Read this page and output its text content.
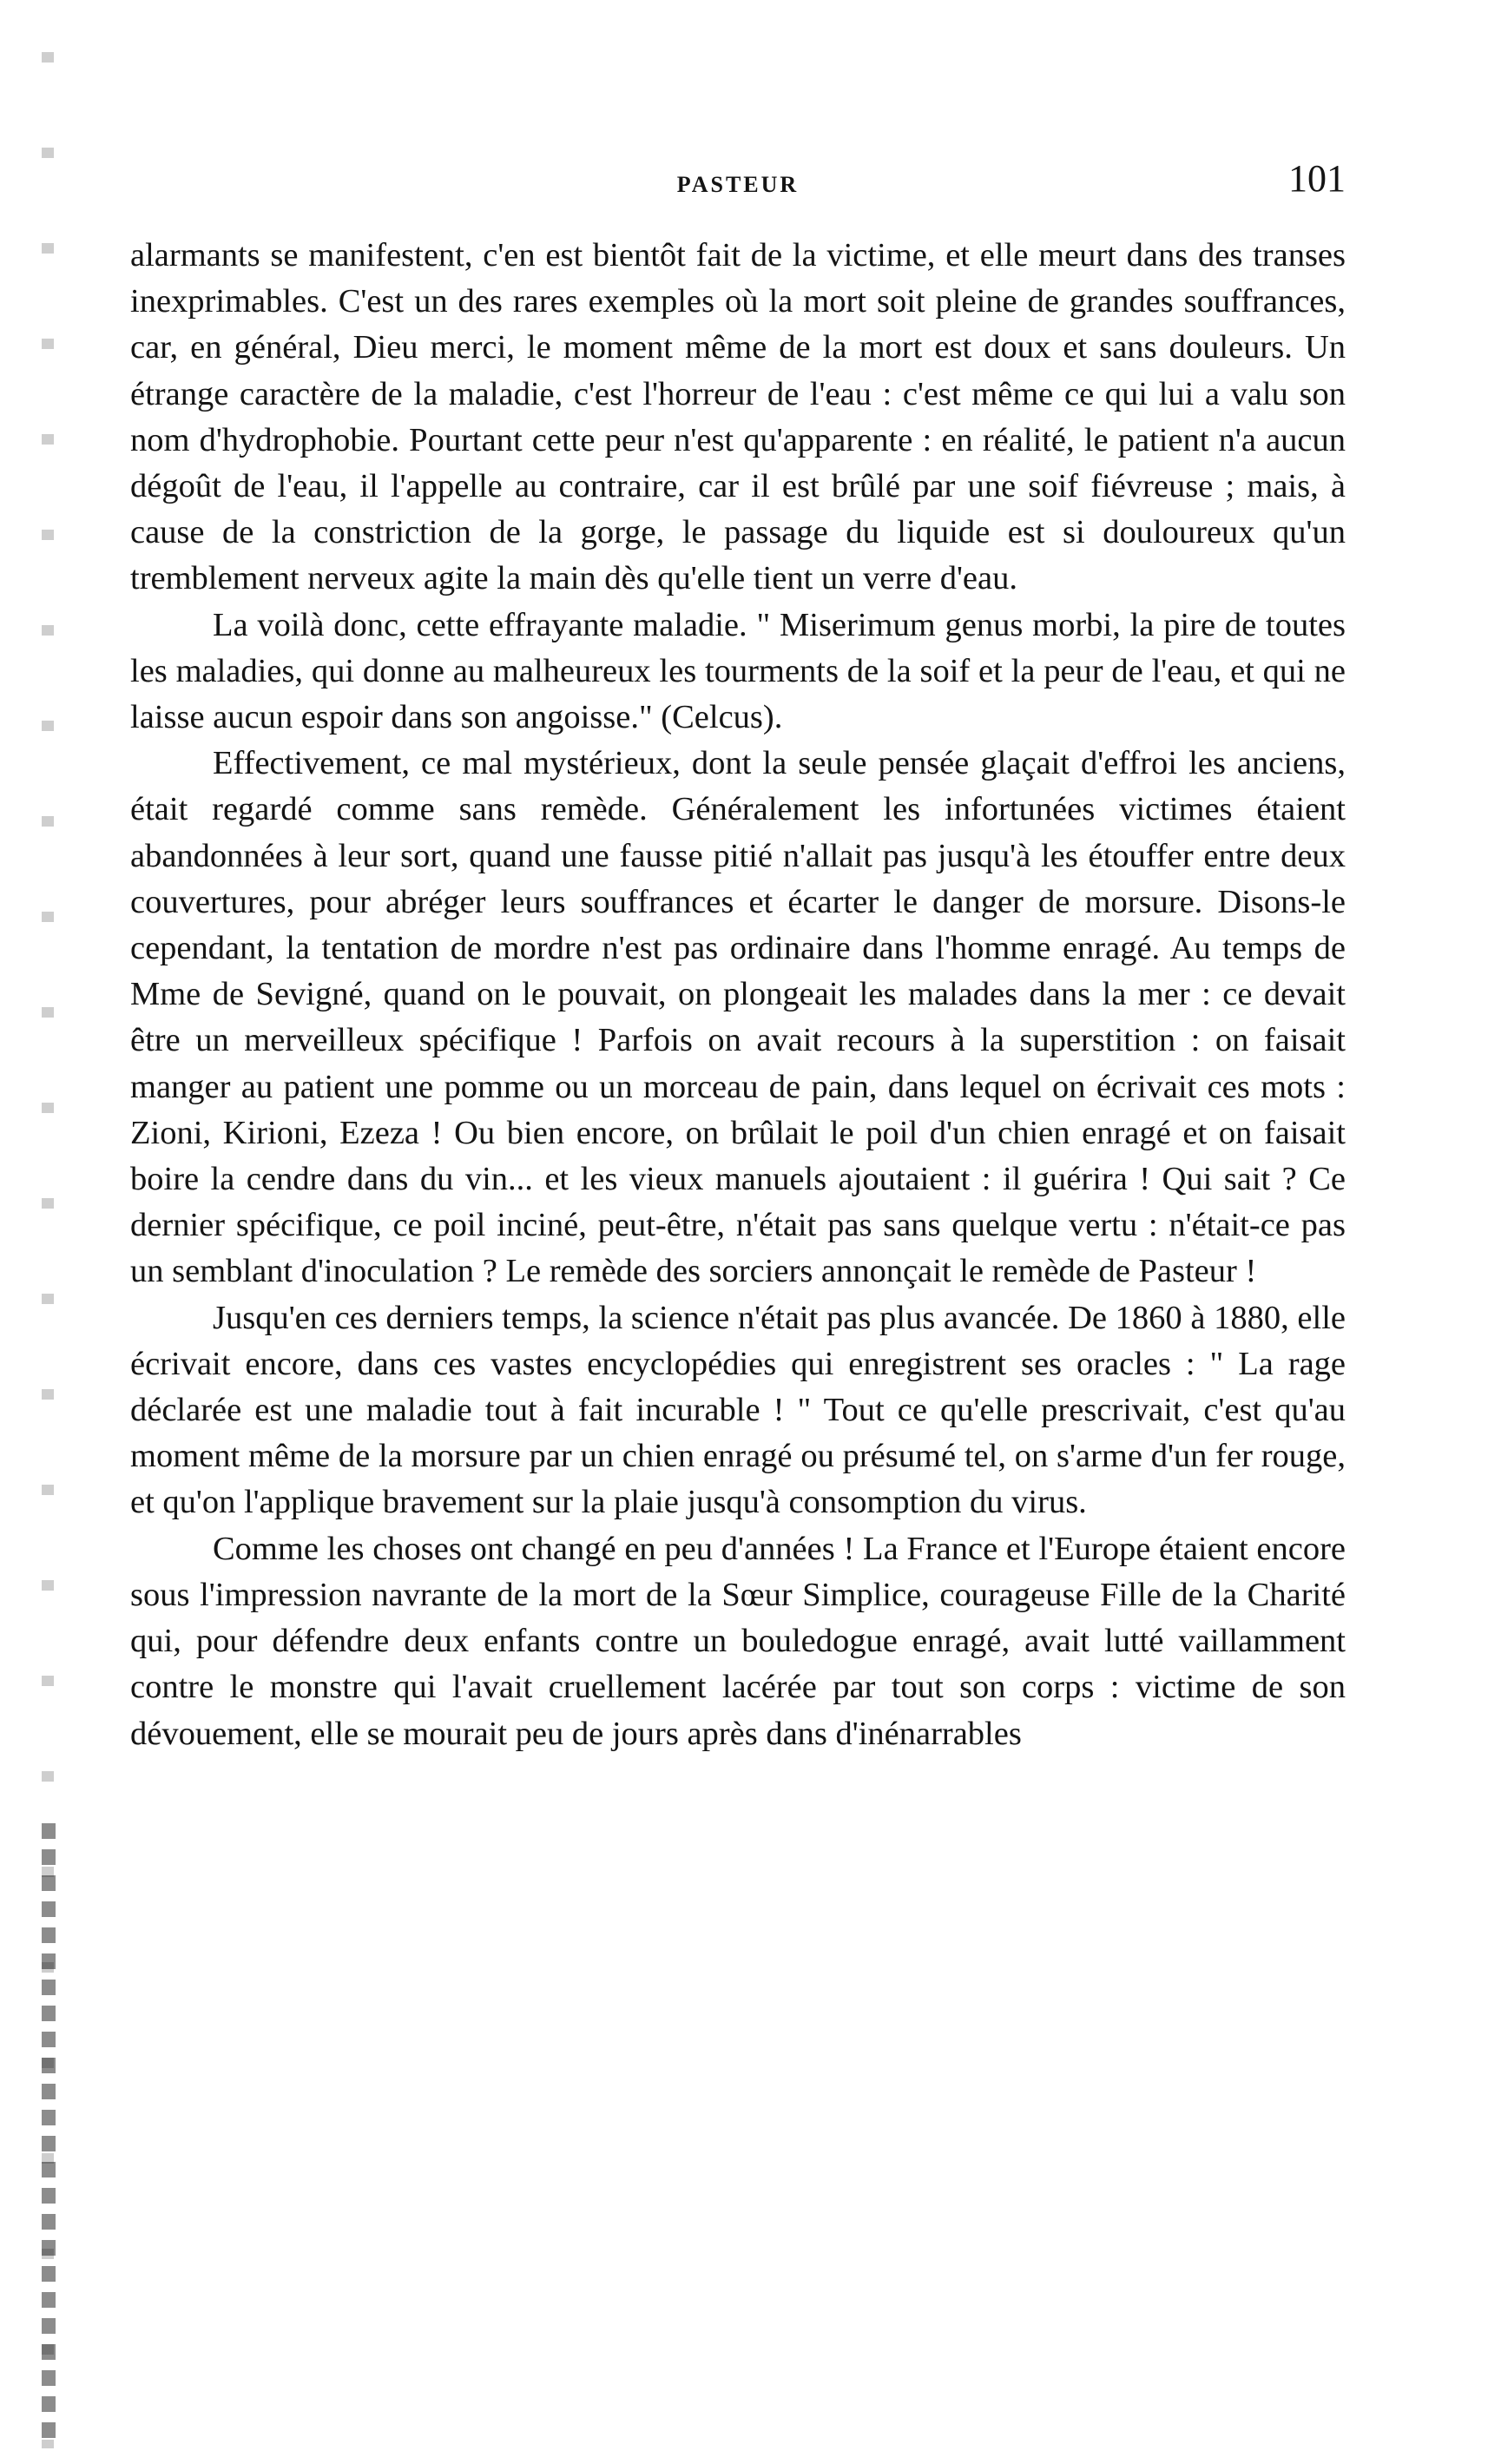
PASTEUR	101

alarmants se manifestent, c'en est bientôt fait de la victime, et elle meurt dans des transes inexprimables. C'est un des rares exemples où la mort soit pleine de grandes souffrances, car, en général, Dieu merci, le moment même de la mort est doux et sans douleurs. Un étrange caractère de la maladie, c'est l'horreur de l'eau : c'est même ce qui lui a valu son nom d'hydrophobie. Pourtant cette peur n'est qu'apparente : en réalité, le patient n'a aucun dégoût de l'eau, il l'appelle au contraire, car il est brûlé par une soif fiévreuse ; mais, à cause de la constriction de la gorge, le passage du liquide est si douloureux qu'un tremblement nerveux agite la main dès qu'elle tient un verre d'eau.

La voilà donc, cette effrayante maladie. " Miserimum genus morbi, la pire de toutes les maladies, qui donne au malheureux les tourments de la soif et la peur de l'eau, et qui ne laisse aucun espoir dans son angoisse." (Celcus).

Effectivement, ce mal mystérieux, dont la seule pensée glaçait d'effroi les anciens, était regardé comme sans remède. Généralement les infortunées victimes étaient abandonnées à leur sort, quand une fausse pitié n'allait pas jusqu'à les étouffer entre deux couvertures, pour abréger leurs souffrances et écarter le danger de morsure. Disons-le cependant, la tentation de mordre n'est pas ordinaire dans l'homme enragé. Au temps de Mme de Sevigné, quand on le pouvait, on plongeait les malades dans la mer : ce devait être un merveilleux spécifique ! Parfois on avait recours à la superstition : on faisait manger au patient une pomme ou un morceau de pain, dans lequel on écrivait ces mots : Zioni, Kirioni, Ezeza ! Ou bien encore, on brûlait le poil d'un chien enragé et on faisait boire la cendre dans du vin... et les vieux manuels ajoutaient : il guérira ! Qui sait ? Ce dernier spécifique, ce poil inciné, peut-être, n'était pas sans quelque vertu : n'était-ce pas un semblant d'inoculation ? Le remède des sorciers annonçait le remède de Pasteur !

Jusqu'en ces derniers temps, la science n'était pas plus avancée. De 1860 à 1880, elle écrivait encore, dans ces vastes encyclopédies qui enregistrent ses oracles : " La rage déclarée est une maladie tout à fait incurable ! " Tout ce qu'elle prescrivait, c'est qu'au moment même de la morsure par un chien enragé ou présumé tel, on s'arme d'un fer rouge, et qu'on l'applique bravement sur la plaie jusqu'à consomption du virus.

Comme les choses ont changé en peu d'années ! La France et l'Europe étaient encore sous l'impression navrante de la mort de la Sœur Simplice, courageuse Fille de la Charité qui, pour défendre deux enfants contre un bouledogue enragé, avait lutté vaillamment contre le monstre qui l'avait cruellement lacérée par tout son corps : victime de son dévouement, elle se mourait peu de jours après dans d'inénarrables
